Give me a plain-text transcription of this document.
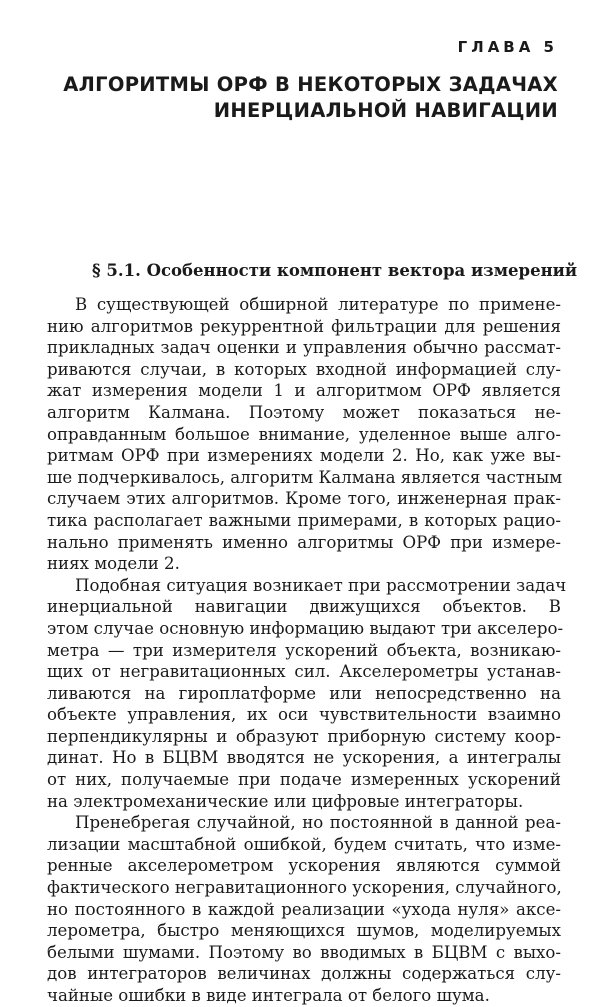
ГЛАВА 5
АЛГОРИТМЫ ОРФ В НЕКОТОРЫХ ЗАДАЧАХ
ИНЕРЦИАЛЬНОЙ НАВИГАЦИИ
§ 5.1. Особенности компонент вектора измерений
В существующей обширной литературе по примене-
нию алгоритмов рекуррентной фильтрации для решения
прикладных задач оценки и управления обычно рассмат-
риваются случаи, в которых входной информацией слу-
жат измерения модели 1 и алгоритмом ОРФ является
алгоритм Калмана. Поэтому может показаться не-
оправданным большое внимание, уделенное выше алго-
ритмам ОРФ при измерениях модели 2. Но, как уже вы-
ше подчеркивалось, алгоритм Калмана является частным
случаем этих алгоритмов. Кроме того, инженерная прак-
тика располагает важными примерами, в которых рацио-
нально применять именно алгоритмы ОРФ при измере-
ниях модели 2.
Подобная ситуация возникает при рассмотрении задач
инерциальной навигации движущихся объектов. В
этом случае основную информацию выдают три акселеро-
метра — три измерителя ускорений объекта, возникаю-
щих от негравитационных сил. Акселерометры устанав-
ливаются на гироплатформе или непосредственно на
объекте управления, их оси чувствительности взаимно
перпендикулярны и образуют приборную систему коор-
динат. Но в БЦВМ вводятся не ускорения, а интегралы
от них, получаемые при подаче измеренных ускорений
на электромеханические или цифровые интеграторы.
Пренебрегая случайной, но постоянной в данной реа-
лизации масштабной ошибкой, будем считать, что изме-
ренные акселерометром ускорения являются суммой
фактического негравитационного ускорения, случайного,
но постоянного в каждой реализации «ухода нуля» аксе-
лерометра, быстро меняющихся шумов, моделируемых
белыми шумами. Поэтому во вводимых в БЦВМ с выхо-
дов интеграторов величинах должны содержаться слу-
чайные ошибки в виде интеграла от белого шума.
